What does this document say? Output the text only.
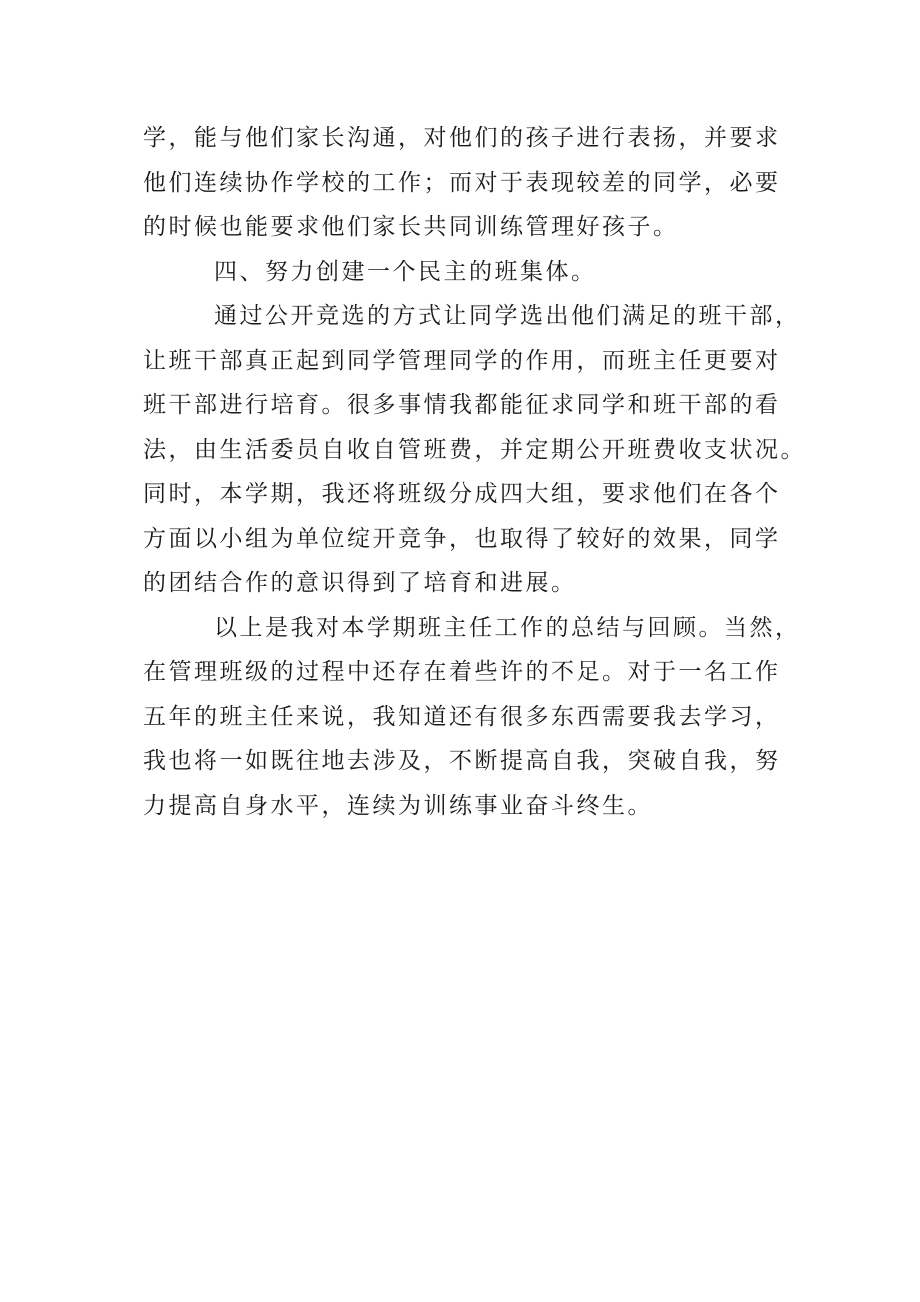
学，能与他们家长沟通，对他们的孩子进行表扬，并要求
他们连续协作学校的工作；而对于表现较差的同学，必要
的时候也能要求他们家长共同训练管理好孩子。
四、努力创建一个民主的班集体。
通过公开竞选的方式让同学选出他们满足的班干部，
让班干部真正起到同学管理同学的作用，而班主任更要对
班干部进行培育。很多事情我都能征求同学和班干部的看
法，由生活委员自收自管班费，并定期公开班费收支状况。
同时，本学期，我还将班级分成四大组，要求他们在各个
方面以小组为单位绽开竞争，也取得了较好的效果，同学
的团结合作的意识得到了培育和进展。
以上是我对本学期班主任工作的总结与回顾。当然，
在管理班级的过程中还存在着些许的不足。对于一名工作
五年的班主任来说，我知道还有很多东西需要我去学习，
我也将一如既往地去涉及，不断提高自我，突破自我，努
力提高自身水平，连续为训练事业奋斗终生。
